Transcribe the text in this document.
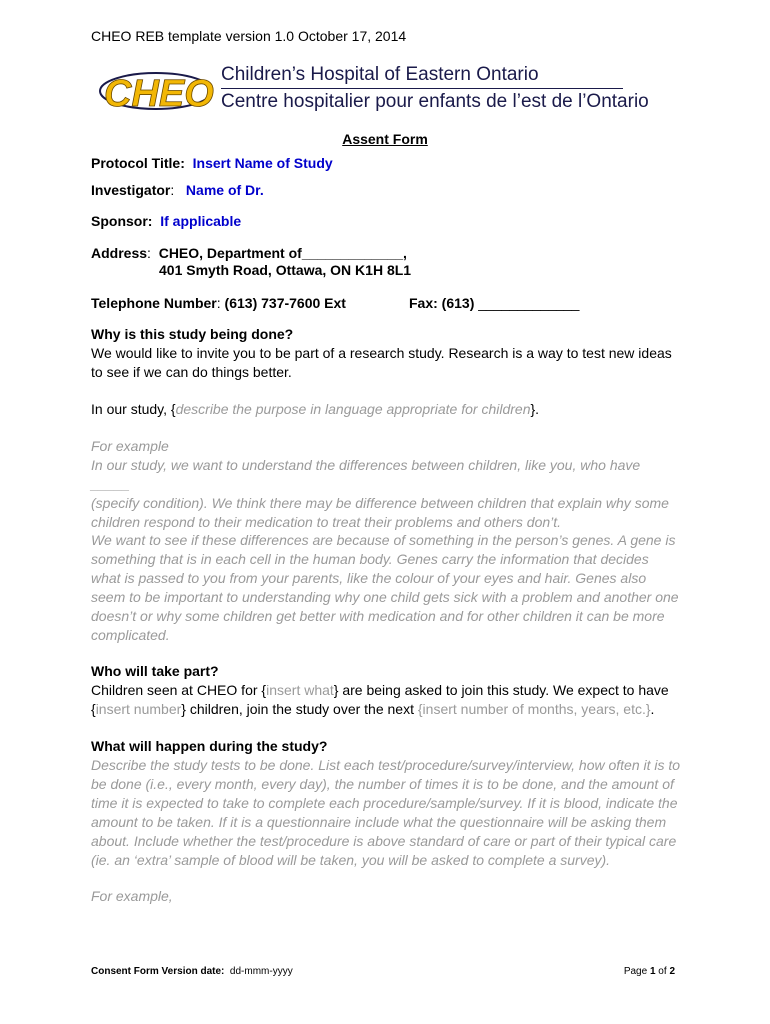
CHEO REB template version 1.0 October 17, 2014
CHEO Children’s Hospital of Eastern Ontario
Centre hospitalier pour enfants de l’est de l’Ontario
Assent Form
Protocol Title: Insert Name of Study
Investigator:   Name of Dr.
Sponsor: If applicable
Address:  CHEO, Department of_____________,
401 Smyth Road, Ottawa, ON K1H 8L1
Telephone Number: (613) 737-7600 Ext	Fax: (613) _____________
Why is this study being done?
We would like to invite you to be part of a research study. Research is a way to test new ideas
to see if we can do things better.
In our study, {describe the purpose in language appropriate for children}.
For example
In our study, we want to understand the differences between children, like you, who have _____
(specify condition). We think there may be difference between children that explain why some
children respond to their medication to treat their problems and others don’t.
We want to see if these differences are because of something in the person’s genes. A gene is
something that is in each cell in the human body. Genes carry the information that decides
what is passed to you from your parents, like the colour of your eyes and hair. Genes also
seem to be important to understanding why one child gets sick with a problem and another one
doesn’t or why some children get better with medication and for other children it can be more
complicated.
Who will take part?
Children seen at CHEO for {insert what} are being asked to join this study. We expect to have
{insert number} children, join the study over the next {insert number of months, years, etc.}.
What will happen during the study?
Describe the study tests to be done. List each test/procedure/survey/interview, how often it is to
be done (i.e., every month, every day), the number of times it is to be done, and the amount of
time it is expected to take to complete each procedure/sample/survey. If it is blood, indicate the
amount to be taken. If it is a questionnaire include what the questionnaire will be asking them
about. Include whether the test/procedure is above standard of care or part of their typical care
(ie. an ‘extra’ sample of blood will be taken, you will be asked to complete a survey).
For example,
Consent Form Version date: dd-mmm-yyyy	Page 1 of 2
